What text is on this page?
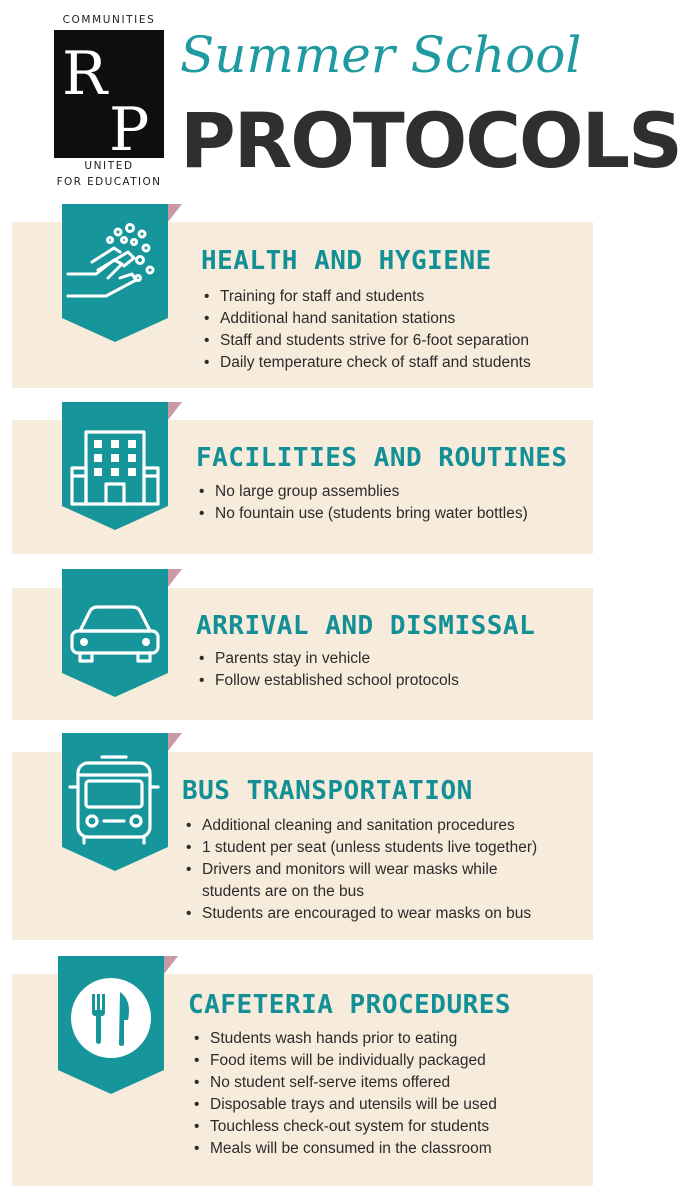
COMMUNITIES
R
P
UNITED
FOR EDUCATION
Summer School
PROTOCOLS
HEALTH AND HYGIENE
• Training for staff and students
• Additional hand sanitation stations
• Staff and students strive for 6-foot separation
• Daily temperature check of staff and students
FACILITIES AND ROUTINES
• No large group assemblies
• No fountain use (students bring water bottles)
ARRIVAL AND DISMISSAL
• Parents stay in vehicle
• Follow established school protocols
BUS TRANSPORTATION
• Additional cleaning and sanitation procedures
• 1 student per seat (unless students live together)
• Drivers and monitors will wear masks while
students are on the bus
• Students are encouraged to wear masks on bus
CAFETERIA PROCEDURES
• Students wash hands prior to eating
• Food items will be individually packaged
• No student self-serve items offered
• Disposable trays and utensils will be used
• Touchless check-out system for students
• Meals will be consumed in the classroom
